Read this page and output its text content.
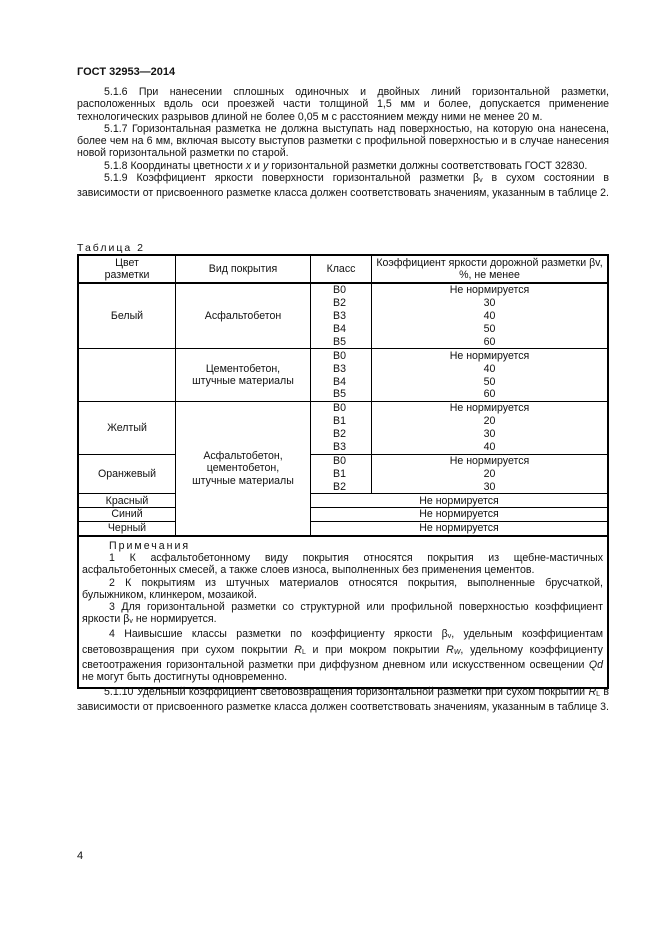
ГОСТ 32953—2014

5.1.6 При нанесении сплошных одиночных и двойных линий горизонтальной разметки, расположенных вдоль оси проезжей части толщиной 1,5 мм и более, допускается применение технологических разрывов длиной не более 0,05 м с расстоянием между ними не менее 20 м.

5.1.7 Горизонтальная разметка не должна выступать над поверхностью, на которую она нанесена, более чем на 6 мм, включая высоту выступов разметки с профильной поверхностью и в случае нанесения новой горизонтальной разметки по старой.

5.1.8 Координаты цветности x и y горизонтальной разметки должны соответствовать ГОСТ 32830.

5.1.9 Коэффициент яркости поверхности горизонтальной разметки $\beta_v$ в сухом состоянии в зависимости от присвоенного разметке класса должен соответствовать значениям, указанным в таблице 2.

Таблица 2
Цвет разметки	Вид покрытия	Класс	Коэффициент яркости дорожной разметки βv, %, не менее

Белый	Асфальтобетон	В0	Не нормируется
		В2	30
		В3	40
		В4	50
		В5	60

	Цементобетон, штучные материалы	В0	Не нормируется
		В3	40
		В4	50
		В5	60
Желтый	Асфальтобетон, цементобетон, штучные материалы	В0	Не нормируется
		В1	20
		В2	30
		В3	40
Оранжевый		В0	Не нормируется
		В1	20
		В2	30
Красный		Не нормируется	
Синий		Не нормируется	
Черный		Не нормируется	

Примечания

1 К асфальтобетонному виду покрытия относятся покрытия из щебне-мастичных асфальтобетонных смесей, а также слоев износа, выполненных без применения цементов.

2 К покрытиям из штучных материалов относятся покрытия, выполненные брусчаткой, булыжником, клинкером, мозаикой.

3 Для горизонтальной разметки со структурной или профильной поверхностью коэффициент яркости $\beta_v$ не нормируется.

4 Наивысшие классы разметки по коэффициенту яркости $\beta_v$, удельным коэффициентам световозвращения при сухом покрытии $R_L$ и при мокром покрытии $R_W$, удельному коэффициенту светоотражения горизонтальной разметки при диффузном дневном или искусственном освещении Qd не могут быть достигнуты одновременно.			

5.1.10 Удельный коэффициент световозвращения горизонтальной разметки при сухом покрытии $R_L$ в зависимости от присвоенного разметке класса должен соответствовать значениям, указанным в таблице 3.

4
